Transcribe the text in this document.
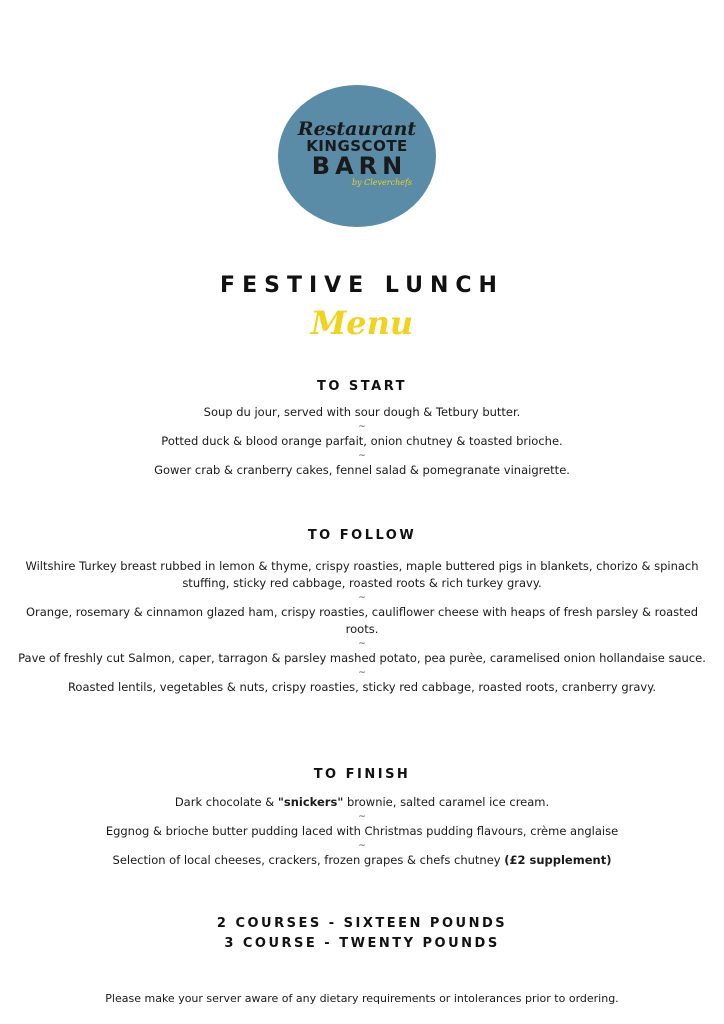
Restaurant
KINGSCOTE
BARN
by Cleverchefs
FESTIVE LUNCH
Menu
TO START

Soup du jour, served with sour dough & Tetbury butter.

~

Potted duck & blood orange parfait, onion chutney & toasted brioche.

~

Gower crab & cranberry cakes, fennel salad & pomegranate vinaigrette.

TO FOLLOW

Wiltshire Turkey breast rubbed in lemon & thyme, crispy roasties, maple buttered pigs in blankets, chorizo & spinach stuffing, sticky red cabbage, roasted roots & rich turkey gravy.

~

Orange, rosemary & cinnamon glazed ham, crispy roasties, cauliflower cheese with heaps of fresh parsley & roasted roots.

~

Pave of freshly cut Salmon, caper, tarragon & parsley mashed potato, pea purèe, caramelised onion hollandaise sauce.

~

Roasted lentils, vegetables & nuts, crispy roasties, sticky red cabbage, roasted roots, cranberry gravy.

TO FINISH

Dark chocolate & "snickers" brownie, salted caramel ice cream.

~

Eggnog & brioche butter pudding laced with Christmas pudding flavours, crème anglaise

~

Selection of local cheeses, crackers, frozen grapes & chefs chutney (£2 supplement)

2 COURSES - SIXTEEN POUNDS
3 COURSE - TWENTY POUNDS
Please make your server aware of any dietary requirements or intolerances prior to ordering.
